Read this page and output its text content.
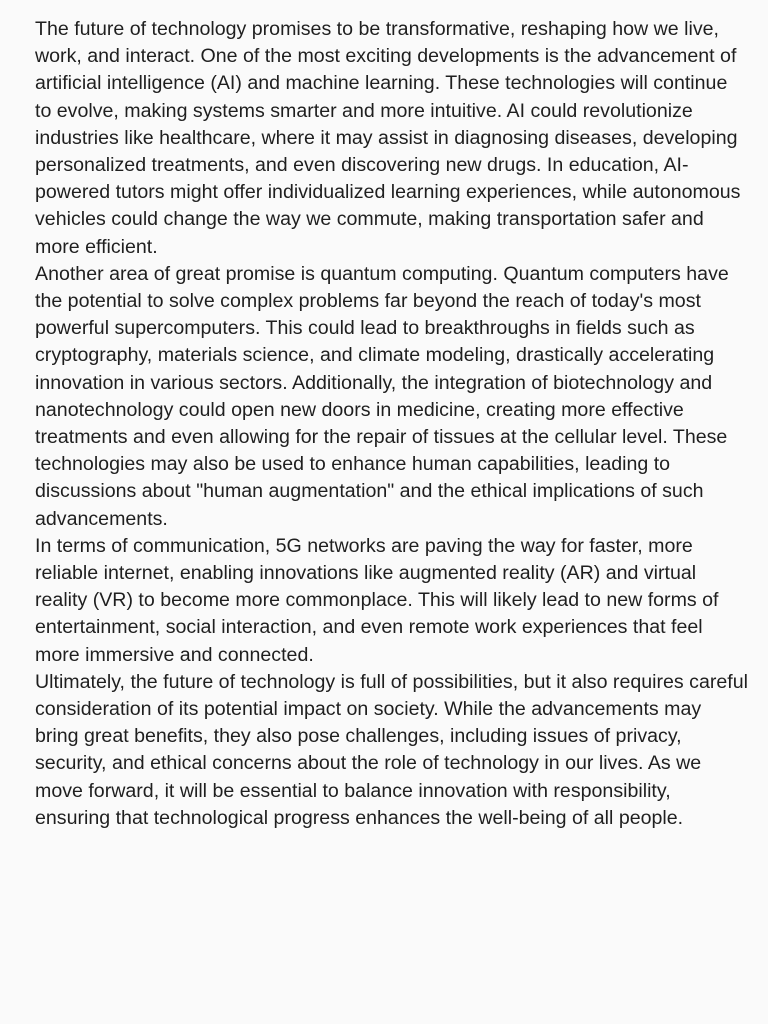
The future of technology promises to be transformative, reshaping how we live, work, and interact. One of the most exciting developments is the advancement of artificial intelligence (AI) and machine learning. These technologies will continue to evolve, making systems smarter and more intuitive. AI could revolutionize industries like healthcare, where it may assist in diagnosing diseases, developing personalized treatments, and even discovering new drugs. In education, AI-powered tutors might offer individualized learning experiences, while autonomous vehicles could change the way we commute, making transportation safer and more efficient.

Another area of great promise is quantum computing. Quantum computers have the potential to solve complex problems far beyond the reach of today's most powerful supercomputers. This could lead to breakthroughs in fields such as cryptography, materials science, and climate modeling, drastically accelerating innovation in various sectors. Additionally, the integration of biotechnology and nanotechnology could open new doors in medicine, creating more effective treatments and even allowing for the repair of tissues at the cellular level. These technologies may also be used to enhance human capabilities, leading to discussions about "human augmentation" and the ethical implications of such advancements.

In terms of communication, 5G networks are paving the way for faster, more reliable internet, enabling innovations like augmented reality (AR) and virtual reality (VR) to become more commonplace. This will likely lead to new forms of entertainment, social interaction, and even remote work experiences that feel more immersive and connected.

Ultimately, the future of technology is full of possibilities, but it also requires careful consideration of its potential impact on society. While the advancements may bring great benefits, they also pose challenges, including issues of privacy, security, and ethical concerns about the role of technology in our lives. As we move forward, it will be essential to balance innovation with responsibility, ensuring that technological progress enhances the well-being of all people.
